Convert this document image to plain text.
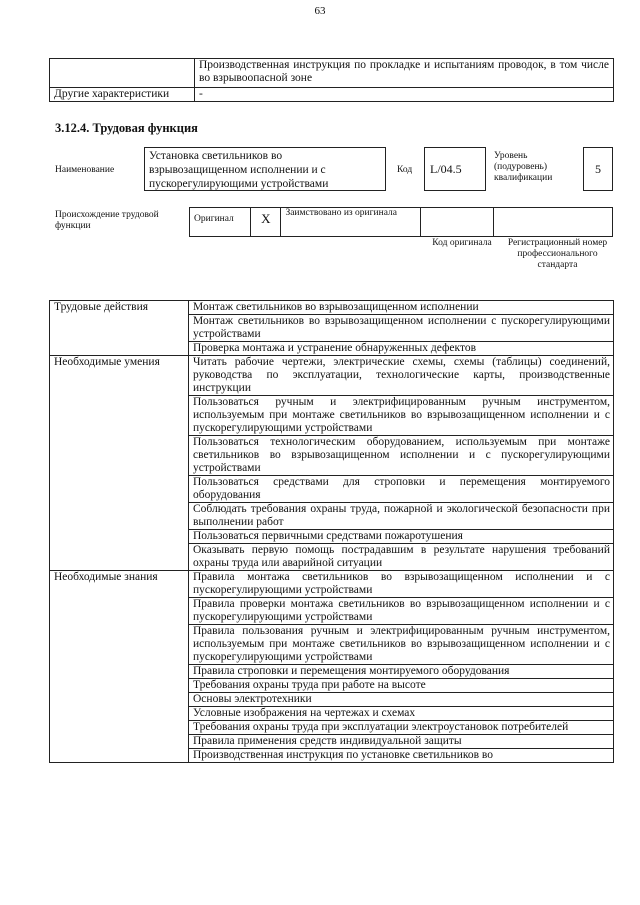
63
	Производственная инструкция по прокладке и испытаниям проводок, в том числе во взрывоопасной зоне
Другие характеристики	-
3.12.4. Трудовая функция
Наименование
Установка светильников во взрывозащищенном исполнении и с пускорегулирующими устройствами
Код	L/04.5
Уровень (подуровень) квалификации
5
Происхождение трудовой функции
Оригинал	X	Заимствовано из оригинала		
Код оригинала Регистрационный номер профессионального стандарта
Трудовые действия	Монтаж светильников во взрывозащищенном исполнении
	Монтаж светильников во взрывозащищенном исполнении с пускорегулирующими устройствами
	Проверка монтажа и устранение обнаруженных дефектов
Необходимые умения	Читать рабочие чертежи, электрические схемы, схемы (таблицы) соединений, руководства по эксплуатации, технологические карты, производственные инструкции
	Пользоваться ручным и электрифицированным ручным инструментом, используемым при монтаже светильников во взрывозащищенном исполнении и с пускорегулирующими устройствами
	Пользоваться технологическим оборудованием, используемым при монтаже светильников во взрывозащищенном исполнении и с пускорегулирующими устройствами
	Пользоваться средствами для строповки и перемещения монтируемого оборудования
	Соблюдать требования охраны труда, пожарной и экологической безопасности при выполнении работ
	Пользоваться первичными средствами пожаротушения
	Оказывать первую помощь пострадавшим в результате нарушения требований охраны труда или аварийной ситуации
Необходимые знания	Правила монтажа светильников во взрывозащищенном исполнении и с пускорегулирующими устройствами
	Правила проверки монтажа светильников во взрывозащищенном исполнении и с пускорегулирующими устройствами
	Правила пользования ручным и электрифицированным ручным инструментом, используемым при монтаже светильников во взрывозащищенном исполнении и с пускорегулирующими устройствами
	Правила строповки и перемещения монтируемого оборудования
	Требования охраны труда при работе на высоте
	Основы электротехники
	Условные изображения на чертежах и схемах
	Требования охраны труда при эксплуатации электроустановок потребителей
	Правила применения средств индивидуальной защиты
	Производственная инструкция по установке светильников во
